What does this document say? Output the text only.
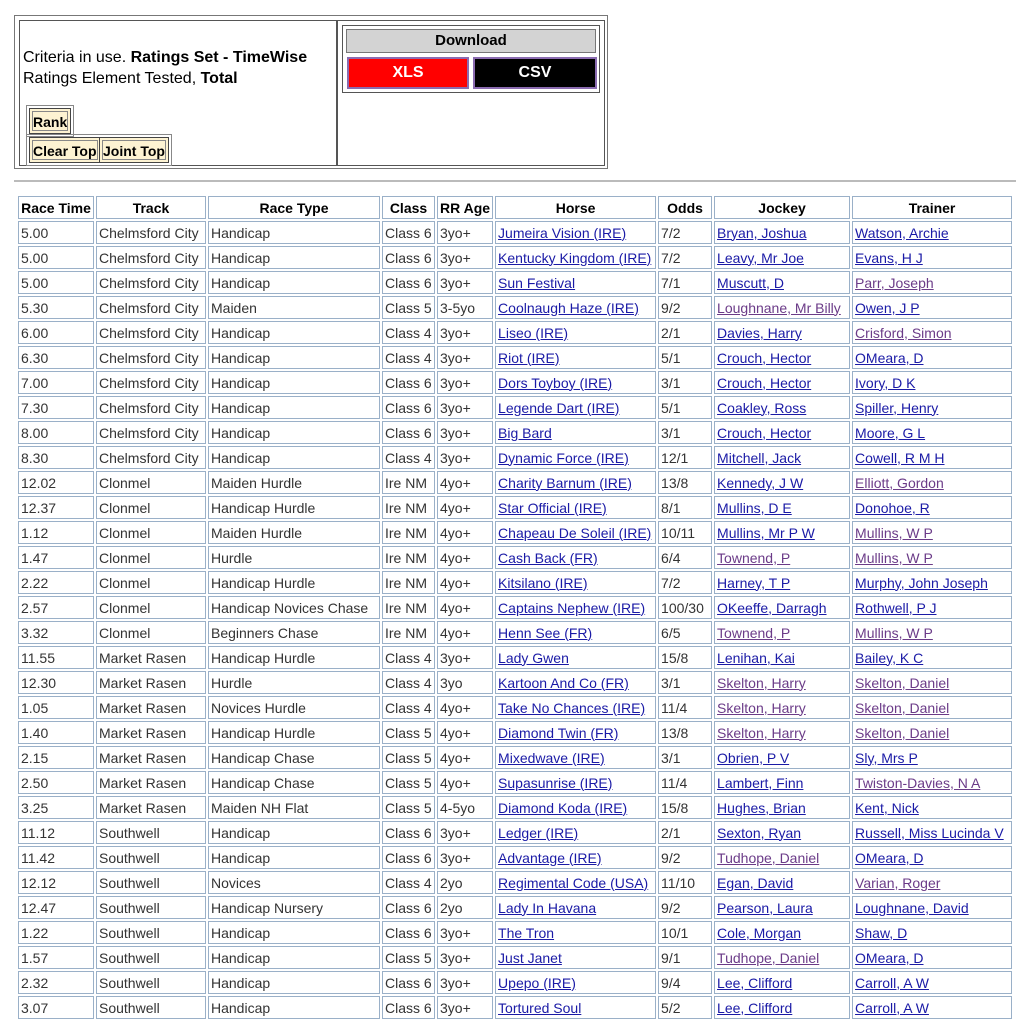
Criteria in use. Ratings Set - TimeWise
Ratings Element Tested, Total
Rank
Clear Top Joint Top
Download
XLS	CSV
Race Time	Track	Race Type	Class	RR Age	Horse	Odds	Jockey	Trainer
5.00	Chelmsford City	Handicap	Class 6	3yo+	Jumeira Vision (IRE)	7/2	Bryan, Joshua	Watson, Archie
5.00	Chelmsford City	Handicap	Class 6	3yo+	Kentucky Kingdom (IRE)	7/2	Leavy, Mr Joe	Evans, H J
5.00	Chelmsford City	Handicap	Class 6	3yo+	Sun Festival	7/1	Muscutt, D	Parr, Joseph
5.30	Chelmsford City	Maiden	Class 5	3-5yo	Coolnaugh Haze (IRE)	9/2	Loughnane, Mr Billy	Owen, J P
6.00	Chelmsford City	Handicap	Class 4	3yo+	Liseo (IRE)	2/1	Davies, Harry	Crisford, Simon
6.30	Chelmsford City	Handicap	Class 4	3yo+	Riot (IRE)	5/1	Crouch, Hector	OMeara, D
7.00	Chelmsford City	Handicap	Class 6	3yo+	Dors Toyboy (IRE)	3/1	Crouch, Hector	Ivory, D K
7.30	Chelmsford City	Handicap	Class 6	3yo+	Legende Dart (IRE)	5/1	Coakley, Ross	Spiller, Henry
8.00	Chelmsford City	Handicap	Class 6	3yo+	Big Bard	3/1	Crouch, Hector	Moore, G L
8.30	Chelmsford City	Handicap	Class 4	3yo+	Dynamic Force (IRE)	12/1	Mitchell, Jack	Cowell, R M H
12.02	Clonmel	Maiden Hurdle	Ire NM	4yo+	Charity Barnum (IRE)	13/8	Kennedy, J W	Elliott, Gordon
12.37	Clonmel	Handicap Hurdle	Ire NM	4yo+	Star Official (IRE)	8/1	Mullins, D E	Donohoe, R
1.12	Clonmel	Maiden Hurdle	Ire NM	4yo+	Chapeau De Soleil (IRE)	10/11	Mullins, Mr P W	Mullins, W P
1.47	Clonmel	Hurdle	Ire NM	4yo+	Cash Back (FR)	6/4	Townend, P	Mullins, W P
2.22	Clonmel	Handicap Hurdle	Ire NM	4yo+	Kitsilano (IRE)	7/2	Harney, T P	Murphy, John Joseph
2.57	Clonmel	Handicap Novices Chase	Ire NM	4yo+	Captains Nephew (IRE)	100/30	OKeeffe, Darragh	Rothwell, P J
3.32	Clonmel	Beginners Chase	Ire NM	4yo+	Henn See (FR)	6/5	Townend, P	Mullins, W P
11.55	Market Rasen	Handicap Hurdle	Class 4	3yo+	Lady Gwen	15/8	Lenihan, Kai	Bailey, K C
12.30	Market Rasen	Hurdle	Class 4	3yo	Kartoon And Co (FR)	3/1	Skelton, Harry	Skelton, Daniel
1.05	Market Rasen	Novices Hurdle	Class 4	4yo+	Take No Chances (IRE)	11/4	Skelton, Harry	Skelton, Daniel
1.40	Market Rasen	Handicap Hurdle	Class 5	4yo+	Diamond Twin (FR)	13/8	Skelton, Harry	Skelton, Daniel
2.15	Market Rasen	Handicap Chase	Class 5	4yo+	Mixedwave (IRE)	3/1	Obrien, P V	Sly, Mrs P
2.50	Market Rasen	Handicap Chase	Class 5	4yo+	Supasunrise (IRE)	11/4	Lambert, Finn	Twiston-Davies, N A
3.25	Market Rasen	Maiden NH Flat	Class 5	4-5yo	Diamond Koda (IRE)	15/8	Hughes, Brian	Kent, Nick
11.12	Southwell	Handicap	Class 6	3yo+	Ledger (IRE)	2/1	Sexton, Ryan	Russell, Miss Lucinda V
11.42	Southwell	Handicap	Class 6	3yo+	Advantage (IRE)	9/2	Tudhope, Daniel	OMeara, D
12.12	Southwell	Novices	Class 4	2yo	Regimental Code (USA)	11/10	Egan, David	Varian, Roger
12.47	Southwell	Handicap Nursery	Class 6	2yo	Lady In Havana	9/2	Pearson, Laura	Loughnane, David
1.22	Southwell	Handicap	Class 6	3yo+	The Tron	10/1	Cole, Morgan	Shaw, D
1.57	Southwell	Handicap	Class 5	3yo+	Just Janet	9/1	Tudhope, Daniel	OMeara, D
2.32	Southwell	Handicap	Class 6	3yo+	Upepo (IRE)	9/4	Lee, Clifford	Carroll, A W
3.07	Southwell	Handicap	Class 6	3yo+	Tortured Soul	5/2	Lee, Clifford	Carroll, A W
